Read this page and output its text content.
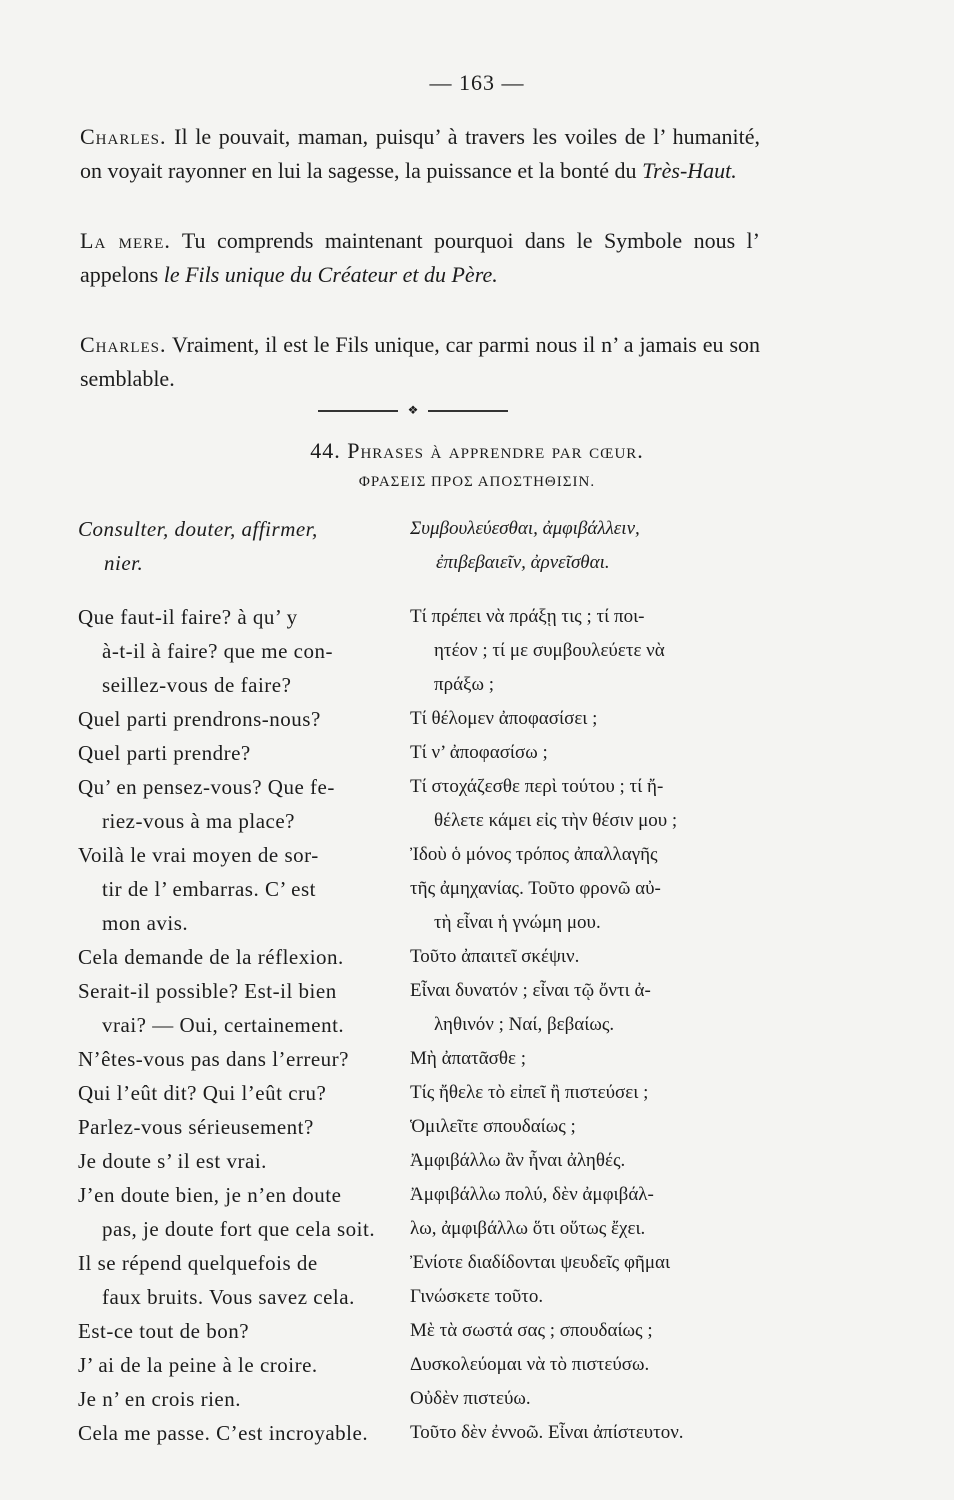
— 163 —
Charles. Il le pouvait, maman, puisqu’ à travers les voiles de l’ humanité, on voyait rayonner en lui la sagesse, la puissance et la bonté du Très-Haut.
La mere. Tu comprends maintenant pourquoi dans le Symbole nous l’ appelons le Fils unique du Créateur et du Père.
Charles. Vraiment, il est le Fils unique, car parmi nous il n’ a jamais eu son semblable.
❖
44. Phrases à apprendre par cœur.
ΦΡΑΣΕΙΣ ΠΡΟΣ ΑΠΟΣΤΗΘΙΣΙΝ.
Consulter, douter, affirmer,
nier.
Que faut-il faire? à qu’ y
à-t-il à faire? que me con-
seillez-vous de faire?
Quel parti prendrons-nous?
Quel parti prendre?
Qu’ en pensez-vous? Que fe-
riez-vous à ma place?
Voilà le vrai moyen de sor-
tir de l’ embarras. C’ est
mon avis.
Cela demande de la réflexion.
Serait-il possible? Est-il bien
vrai? — Oui, certainement.
N’êtes-vous pas dans l’erreur?
Qui l’eût dit? Qui l’eût cru?
Parlez-vous sérieusement?
Je doute s’ il est vrai.
J’en doute bien, je n’en doute
pas, je doute fort que cela soit.
Il se répend quelquefois de
faux bruits. Vous savez cela.
Est-ce tout de bon?
J’ ai de la peine à le croire.
Je n’ en crois rien.
Cela me passe. C’est incroyable.
Συμβουλεύεσθαι, ἀμφιβάλλειν,
ἐπιβεβαιεῖν, ἀρνεῖσθαι.
Τί πρέπει νὰ πράξῃ τις ; τί ποι-
ητέον ; τί με συμβουλεύετε νὰ
πράξω ;
Τί θέλομεν ἀποφασίσει ;
Τί ν’ ἀποφασίσω ;
Τί στοχάζεσθε περὶ τούτου ; τί ἤ-
θέλετε κάμει εἰς τὴν θέσιν μου ;
Ἰδοὺ ὁ μόνος τρόπος ἀπαλλαγῆς
τῆς ἀμηχανίας. Τοῦτο φρονῶ αὐ-
τὴ εἶναι ἡ γνώμη μου.
Τοῦτο ἀπαιτεῖ σκέψιν.
Εἶναι δυνατόν ; εἶναι τῷ ὄντι ἀ-
ληθινόν ; Ναί, βεβαίως.
Μὴ ἀπατᾶσθε ;
Τίς ἤθελε τὸ εἰπεῖ ἢ πιστεύσει ;
Ὁμιλεῖτε σπουδαίως ;
Ἀμφιβάλλω ἂν ἦναι ἀληθές.
Ἀμφιβάλλω πολύ, δὲν ἀμφιβάλ-
λω, ἀμφιβάλλω ὅτι οὕτως ἔχει.
Ἐνίοτε διαδίδονται ψευδεῖς φῆμαι
Γινώσκετε τοῦτο.
Μὲ τὰ σωστά σας ; σπουδαίως ;
Δυσκολεύομαι νὰ τὸ πιστεύσω.
Οὐδὲν πιστεύω.
Τοῦτο δὲν ἐννοῶ. Εἶναι ἀπίστευτον.
